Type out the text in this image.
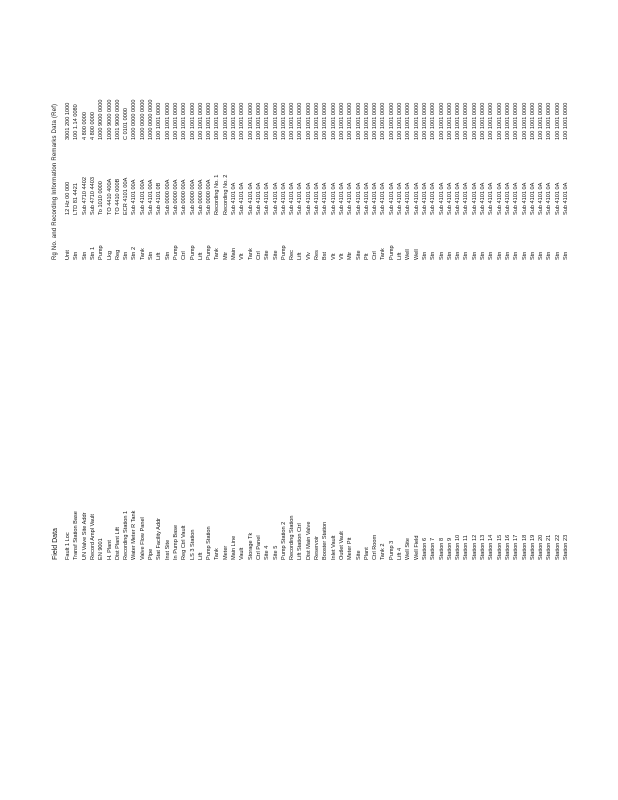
Field Data
Rg No. and Recording Information Remarks Data (Ref)
Fault 1 Loc
Unit
12 Hz 00 000
3001 200 1000
Transf Station Base
Stn
LTD 81 4421
100 1.14 0080
UN Valve Site Addr
Stn
Sub 4710 4402
4 800 0000
Record Ampl Vault
Stn 1
Sub 4710 4403
4 800 0000
EN 9001
Pump
To 1010 0000
1000 9000 0000
H. Plant
Lkg
TO 4410 400A
1000 9000 0000
Dist Plant Lift
Reg
TO 4410 000B
1001 9000 0000
Recording Station 1
Stn
ECR 4101 00A
C 0101 0000
Water Meter R Tank
Stn 2
Sub 4101 00A
1000 0000 0000
Valve Flow Panel
Tank
Sub 4101 00A
1000 0000 0000
Pipe
Stn
Sub 4101 00A
1000 0000 0000
Stat Facility Addr
Lift
Sub 4101 0B
100 1001 0000
Inst Site
Stn
Sub 0000 00A
100 1001 0000
In Pump Base
Pump
Sub 0000 00A
100 1001 0000
Reg Ctrl Vault
Ctrl
Sub 0000 00A
100 1001 0000
LS 3 Station
Pump
Sub 0000 00A
100 1001 0000
Lift
Lift
Sub 0000 00A
100 1001 0000
Pump Station
Pump
Sub 0000 00A
100 1001 0000
Tank
Tank
Recording No. 1
100 1001 0000
Meter
Mtr
Recording No. 2
100 1001 0000
Main Line
Main
Sub 4101 0A
100 1001 0000
Vault
Vlt
Sub 4101 0A
100 1001 0000
Storage Tk
Tank
Sub 4101 0A
100 1001 0000
Ctrl Panel
Ctrl
Sub 4101 0A
100 1001 0000
Site 4
Site
Sub 4101 0A
100 1001 0000
Site 5
Site
Sub 4101 0A
100 1001 0000
Pump Station 2
Pump
Sub 4101 0A
100 1001 0000
Recording Station
Rec
Sub 4101 0A
100 1001 0000
Lift Station Ctrl
Lift
Sub 4101 0A
100 1001 0000
Dist Main Valve
Vlv
Sub 4101 0A
100 1001 0000
Reservoir
Res
Sub 4101 0A
100 1001 0000
Booster Station
Bst
Sub 4101 0A
100 1001 0000
Inlet Vault
Vlt
Sub 4101 0A
100 1001 0000
Outlet Vault
Vlt
Sub 4101 0A
100 1001 0000
Meter Pit
Mtr
Sub 4101 0A
100 1001 0000
Site
Site
Sub 4101 0A
100 1001 0000
Plant
Plt
Sub 4101 0A
100 1001 0000
Ctrl Room
Ctrl
Sub 4101 0A
100 1001 0000
Tank 2
Tank
Sub 4101 0A
100 1001 0000
Pump 3
Pump
Sub 4101 0A
100 1001 0000
Lift 4
Lift
Sub 4101 0A
100 1001 0000
Well Site
Well
Sub 4101 0A
100 1001 0000
Well Field
Well
Sub 4101 0A
100 1001 0000
Station 6
Stn
Sub 4101 0A
100 1001 0000
Station 7
Stn
Sub 4101 0A
100 1001 0000
Station 8
Stn
Sub 4101 0A
100 1001 0000
Station 9
Stn
Sub 4101 0A
100 1001 0000
Station 10
Stn
Sub 4101 0A
100 1001 0000
Station 11
Stn
Sub 4101 0A
100 1001 0000
Station 12
Stn
Sub 4101 0A
100 1001 0000
Station 13
Stn
Sub 4101 0A
100 1001 0000
Station 14
Stn
Sub 4101 0A
100 1001 0000
Station 15
Stn
Sub 4101 0A
100 1001 0000
Station 16
Stn
Sub 4101 0A
100 1001 0000
Station 17
Stn
Sub 4101 0A
100 1001 0000
Station 18
Stn
Sub 4101 0A
100 1001 0000
Station 19
Stn
Sub 4101 0A
100 1001 0000
Station 20
Stn
Sub 4101 0A
100 1001 0000
Station 21
Stn
Sub 4101 0A
100 1001 0000
Station 22
Stn
Sub 4101 0A
100 1001 0000
Station 23
Stn
Sub 4101 0A
100 1001 0000
